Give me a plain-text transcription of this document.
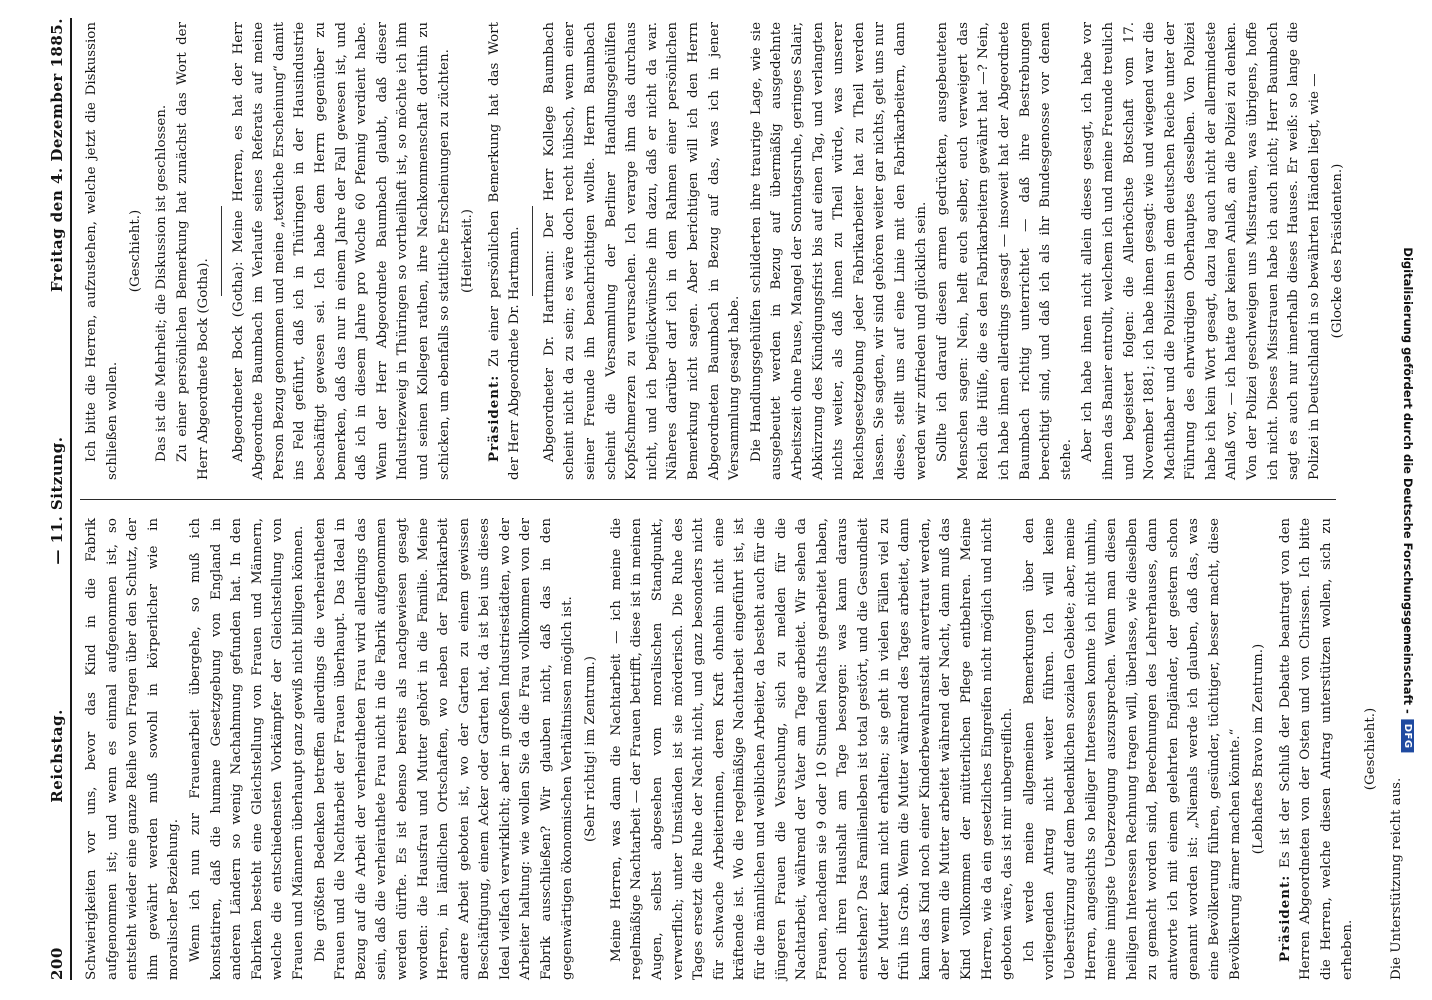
200
Reichstag.
— 11. Sitzung.
Freitag den 4. Dezember 1885.

Schwierigkeiten vor uns, bevor das Kind in die Fabrik aufgenommen ist; und wenn es einmal aufgenommen ist, so entsteht wieder eine ganze Reihe von Fragen über den Schutz, der ihm gewährt werden muß sowohl in körperlicher wie in moralischer Beziehung. Wenn ich nun zur Frauenarbeit übergehe, so muß ich konstatiren, daß die humane Gesetzgebung von England in anderen Ländern so wenig Nachahmung gefunden hat. In den Fabriken besteht eine Gleichstellung von Frauen und Männern, welche die entschiedensten Vorkämpfer der Gleichstellung von Frauen und Männern überhaupt ganz gewiß nicht billigen können. Die größten Bedenken betreffen allerdings die verheiratheten Frauen und die Nachtarbeit der Frauen überhaupt. Das Ideal in Bezug auf die Arbeit der verheiratheten Frau wird allerdings das sein, daß die verheirathete Frau nicht in die Fabrik aufgenommen werden dürfte. Es ist ebenso bereits als nachgewiesen gesagt worden: die Hausfrau und Mutter gehört in die Familie. Meine Herren, in ländlichen Ortschaften, wo neben der Fabrikarbeit andere Arbeit geboten ist, wo der Garten zu einem gewissen Beschäftigung, einem Acker oder Garten hat, da ist bei uns dieses Ideal vielfach verwirklicht; aber in großen Industriestädten, wo der Arbeiter haltung: wie wollen Sie da die Frau vollkommen von der Fabrik ausschließen? Wir glauben nicht, daß das in den gegenwärtigen ökonomischen Verhältnissen möglich ist. (Sehr richtig! im Zentrum.) Meine Herren, was dann die Nachtarbeit — ich meine die regelmäßige Nachtarbeit — der Frauen betrifft, diese ist in meinen Augen, selbst abgesehen vom moralischen Standpunkt, verwerflich; unter Umständen ist sie mörderisch. Die Ruhe des Tages ersetzt die Ruhe der Nacht nicht, und ganz besonders nicht für schwache Arbeiterinnen, deren Kraft ohnehin nicht eine kräftende ist. Wo die regelmäßige Nachtarbeit eingeführt ist, ist für die männlichen und weiblichen Arbeiter, da besteht auch für die jüngeren Frauen die Versuchung, sich zu melden für die Nachtarbeit, während der Vater am Tage arbeitet. Wir sehen da Frauen, nachdem sie 9 oder 10 Stunden Nachts gearbeitet haben, noch ihren Haushalt am Tage besorgen: was kann daraus entstehen? Das Familienleben ist total gestört, und die Gesundheit der Mutter kann nicht erhalten; sie geht in vielen Fällen viel zu früh ins Grab. Wenn die Mutter während des Tages arbeitet, dann kann das Kind noch einer Kinderbewahranstalt anvertraut werden, aber wenn die Mutter arbeitet während der Nacht, dann muß das Kind vollkommen der mütterlichen Pflege entbehren. Meine Herren, wie da ein gesetzliches Eingreifen nicht möglich und nicht geboten wäre, das ist mir unbegreiflich. Ich werde meine allgemeinen Bemerkungen über den vorliegenden Antrag nicht weiter führen. Ich will keine Ueberstürzung auf dem bedenklichen sozialen Gebiete; aber, meine Herren, angesichts so heiliger Interessen konnte ich nicht umhin, meine innigste Ueberzeugung auszusprechen. Wenn man diesen heiligen Interessen Rechnung tragen will, überlasse, wie dieselben zu gemacht worden sind, Berechnungen des Lehrerhauses, dann antworte ich mit einem gelehrten Engländer, der gestern schon genannt worden ist: „Niemals werde ich glauben, daß das, was eine Bevölkerung führen, gesünder, tüchtiger, besser macht, diese Bevölkerung ärmer machen könnte.“ (Lebhaftes Bravo im Zentrum.)

Präsident: Es ist der Schluß der Debatte beantragt von den Herren Abgeordneten von der Osten und von Chrissen. Ich bitte die Herren, welche diesen Antrag unterstützen wollen, sich zu erheben.

(Geschieht.)

Die Unterstützung reicht aus.

Ich bitte die Herren, aufzustehen, welche jetzt die Diskussion schließen wollen.

(Geschieht.) Das ist die Mehrheit; die Diskussion ist geschlossen. Zu einer persönlichen Bemerkung hat zunächst das Wort der Herr Abgeordnete Bock (Gotha). Abgeordneter Bock (Gotha): Meine Herren, es hat der Herr Abgeordnete Baumbach im Verlaufe seines Referats auf meine Person Bezug genommen und meine „textliche Erscheinung“ damit ins Feld geführt, daß ich in Thüringen in der Hausindustrie beschäftigt gewesen sei. Ich habe dem Herrn gegenüber zu bemerken, daß das nur in einem Jahre der Fall gewesen ist, und daß ich in diesem Jahre pro Woche 60 Pfennig verdient habe. Wenn der Herr Abgeordnete Baumbach glaubt, daß dieser Industriezweig in Thüringen so vortheilhaft ist, so möchte ich ihm und seinen Kollegen rathen, ihre Nachkommenschaft dorthin zu schicken, um ebenfalls so stattliche Erscheinungen zu züchten. (Heiterkeit.)

Präsident: Zu einer persönlichen Bemerkung hat das Wort der Herr Abgeordnete Dr. Hartmann. Abgeordneter Dr. Hartmann: Der Herr Kollege Baumbach scheint nicht da zu sein; es wäre doch recht hübsch, wenn einer seiner Freunde ihn benachrichtigen wollte. Herrn Baumbach scheint die Versammlung der Berliner Handlungsgehülfen Kopfschmerzen zu verursachen. Ich verarge ihm das durchaus nicht, und ich beglückwünsche ihn dazu, daß er nicht da war. Näheres darüber darf ich in dem Rahmen einer persönlichen Bemerkung nicht sagen. Aber berichtigen will ich den Herrn Abgeordneten Baumbach in Bezug auf das, was ich in jener Versammlung gesagt habe. Die Handlungsgehülfen schilderten ihre traurige Lage, wie sie ausgebeutet werden in Bezug auf übermäßig ausgedehnte Arbeitszeit ohne Pause, Mangel der Sonntagsruhe, geringes Salair, Abkürzung des Kündigungsfrist bis auf einen Tag, und verlangten nichts weiter, als daß ihnen zu Theil würde, was unserer Reichsgesetzgebung jeder Fabrikarbeiter hat zu Theil werden lassen. Sie sagten, wir sind gehören weiter gar nichts, gelt uns nur dieses, stellt uns auf eine Linie mit den Fabrikarbeitern, dann werden wir zufrieden und glücklich sein. Sollte ich darauf diesen armen gedrückten, ausgebeuteten Menschen sagen: Nein, helft euch selber, euch verweigert das Reich die Hülfe, die es den Fabrikarbeitern gewährt hat —? Nein, ich habe ihnen allerdings gesagt — insoweit hat der Abgeordnete Baumbach richtig unterrichtet — daß ihre Bestrebungen berechtigt sind, und daß ich als ihr Bundesgenosse vor denen stehe. Aber ich habe ihnen nicht allein dieses gesagt, ich habe vor ihnen das Banier entrollt, welchem ich und meine Freunde treulich und begeistert folgen: die Allerhöchste Botschaft vom 17. November 1881; ich habe ihnen gesagt: wie und wiegend war die Machthaber und die Polizisten in dem deutschen Reiche unter der Führung des ehrwürdigen Oberhauptes desselben. Von Polizei habe ich kein Wort gesagt, dazu lag auch nicht der allermindeste Anlaß vor, — ich hatte gar keinen Anlaß, an die Polizei zu denken. Von der Polizei geschweigen uns Misstrauen, was übrigens, hoffe ich nicht. Dieses Misstrauen habe ich auch nicht; Herr Baumbach sagt es auch nur innerhalb dieses Hauses. Er weiß: so lange die Polizei in Deutschland in so bewährten Händen liegt, wie — (Glocke des Präsidenten.)	Digitalisierung gefördert durch die Deutsche Forschungsgemeinschaft -
DFG
